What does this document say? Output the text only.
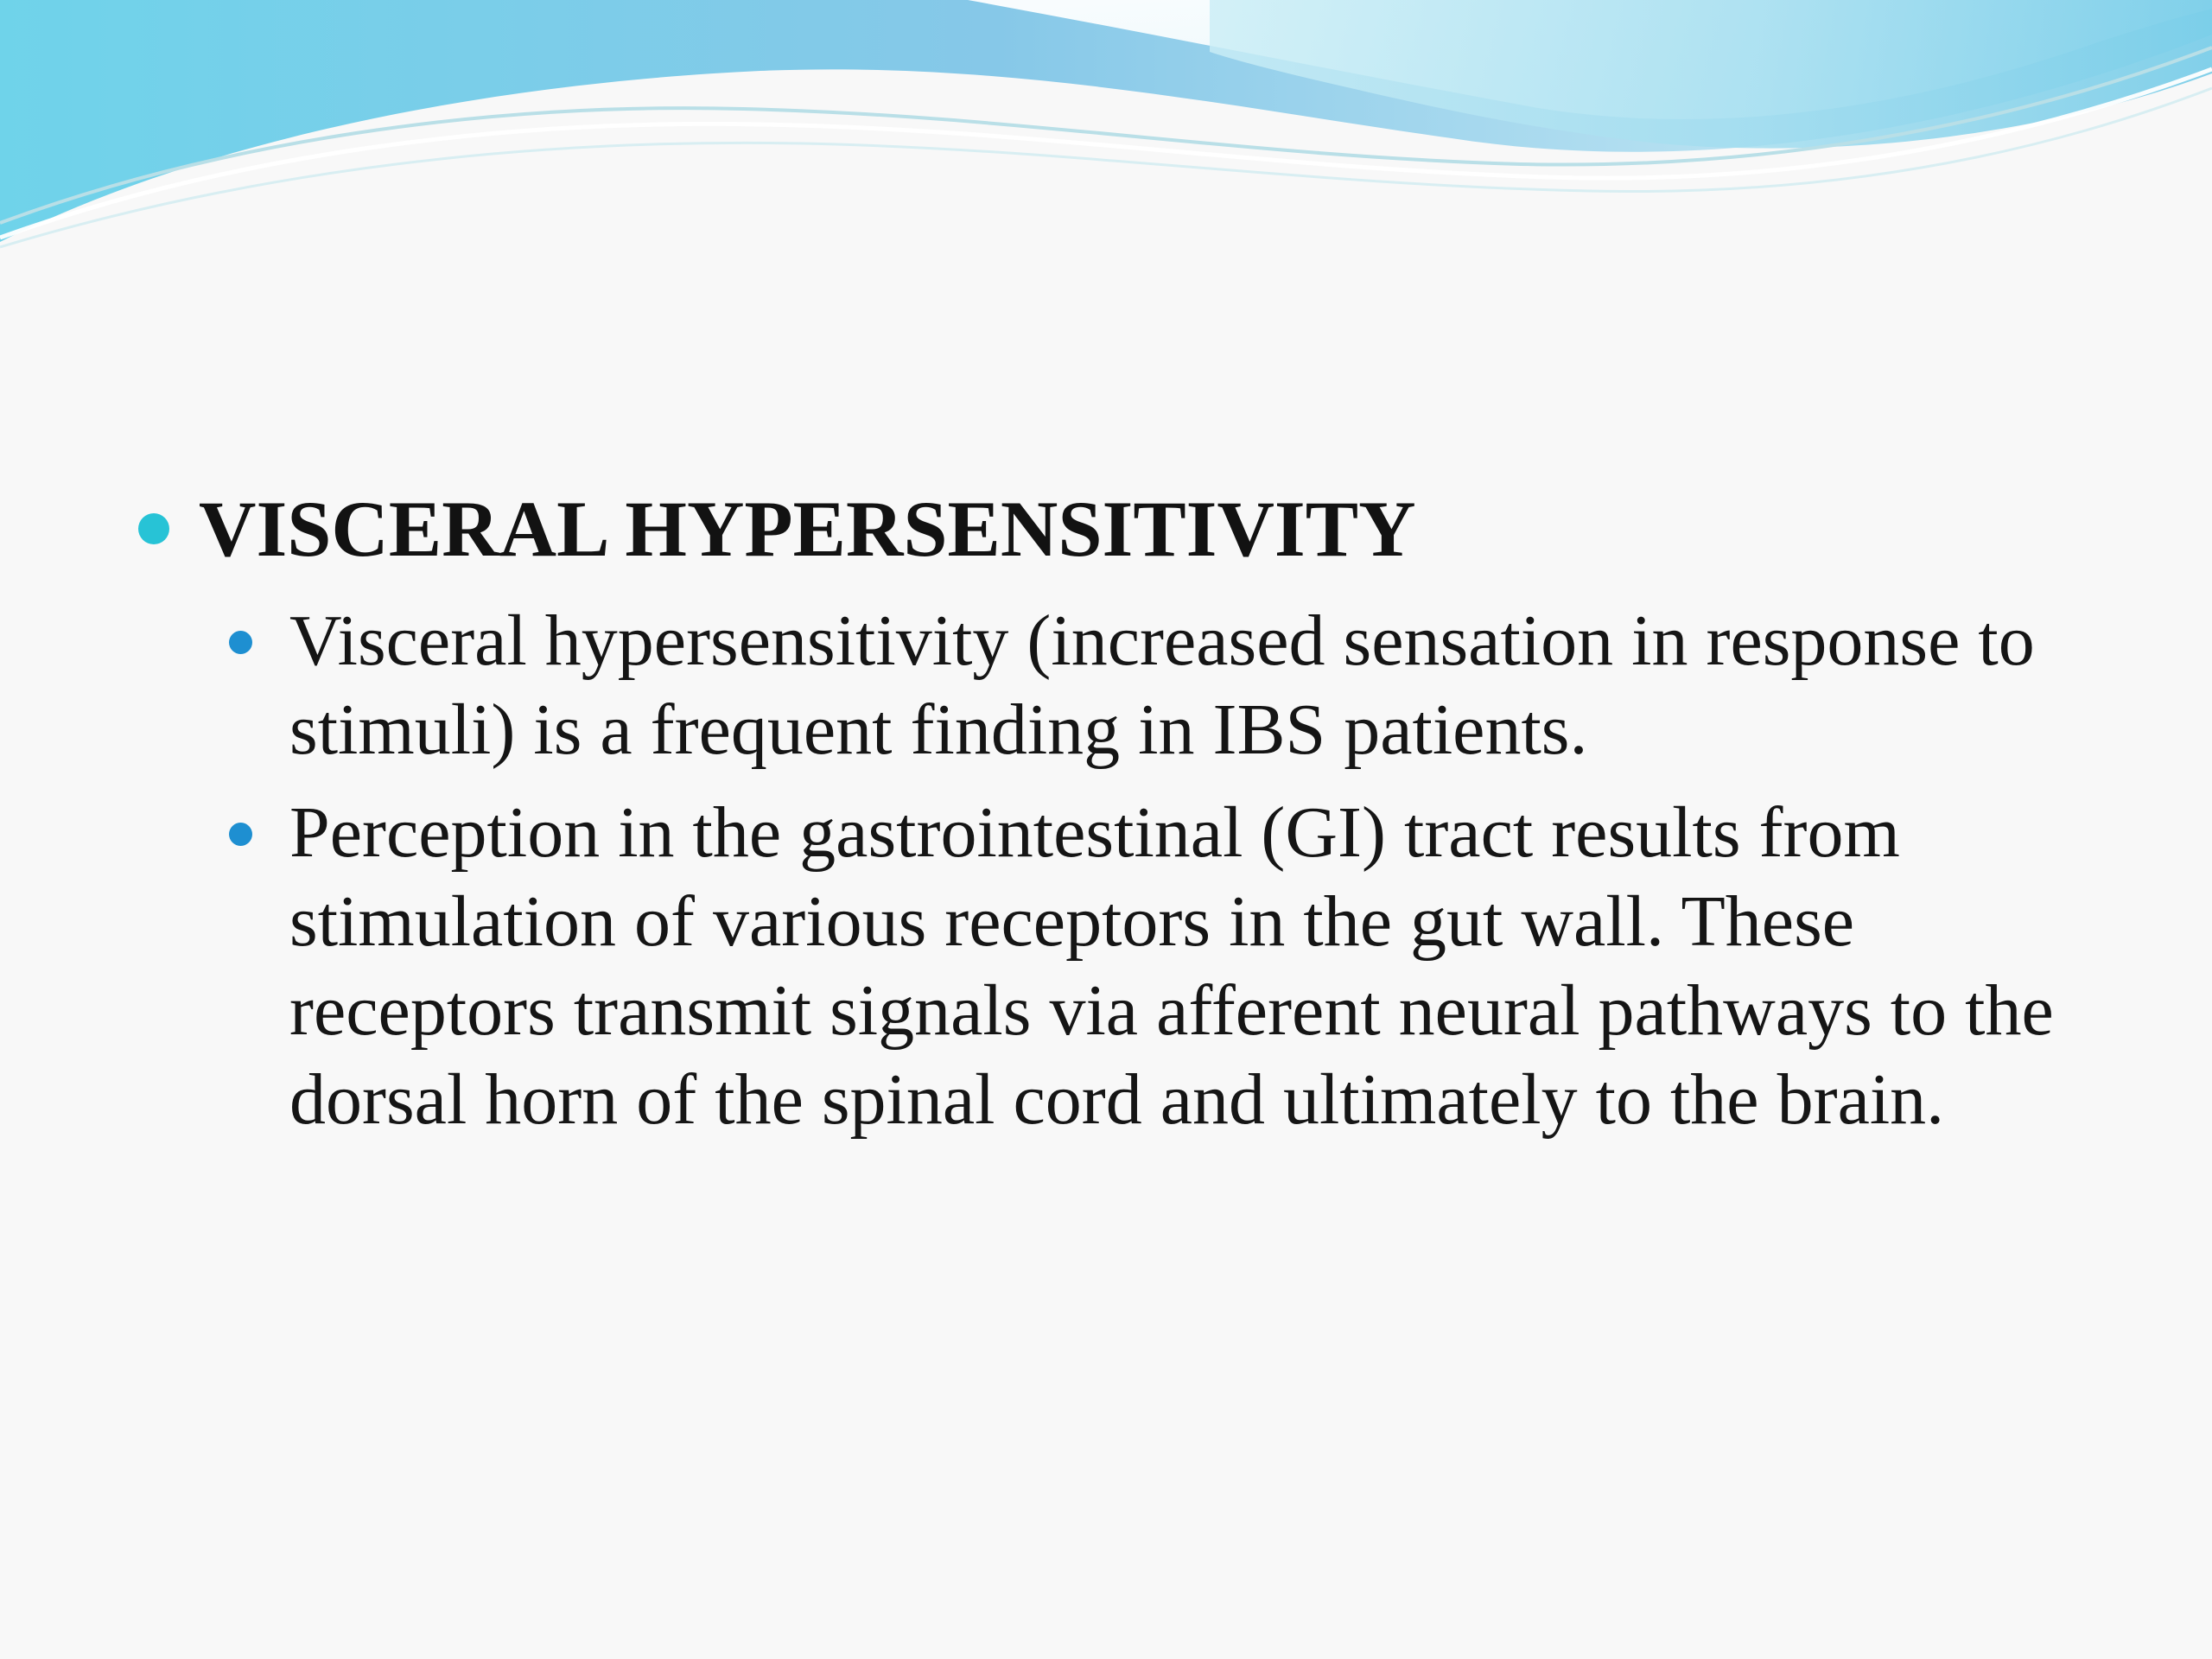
VISCERAL HYPERSENSITIVITY

Visceral hypersensitivity (increased sensation in response to stimuli) is a frequent finding in IBS patients.

Perception in the gastrointestinal (GI) tract results from stimulation of various receptors in the gut wall. These receptors transmit signals via afferent neural pathways to the dorsal horn of the spinal cord and ultimately to the brain.
